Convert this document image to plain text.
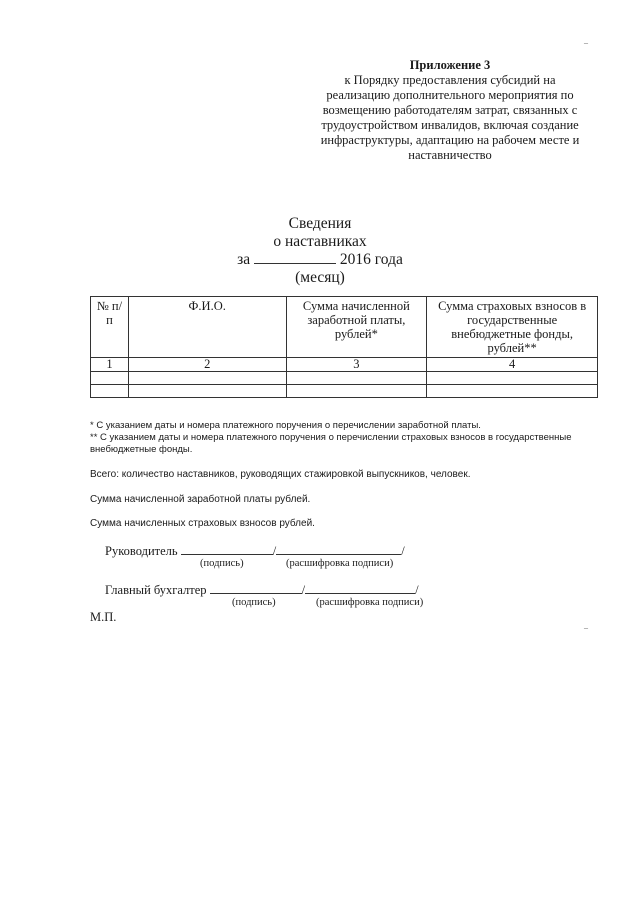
Приложение 3
к Порядку предоставления субсидий на
реализацию дополнительного мероприятия по
возмещению работодателям затрат, связанных с
трудоустройством инвалидов, включая создание
инфраструктуры, адаптацию на рабочем месте и
наставничество
Сведения
о наставниках
за	2016 года
(месяц)
№ п/п	Ф.И.О.	Сумма начисленной заработной платы, рублей*	Сумма страховых взносов в государственные внебюджетные фонды, рублей**
1	2	3	4

* С указанием даты и номера платежного поручения о перечислении заработной платы.
** С указанием даты и номера платежного поручения о перечислении страховых взносов в государственные внебюджетные фонды.
Всего: количество наставников, руководящих стажировкой выпускников, человек.
Сумма начисленной заработной платы рублей.
Сумма начисленных страховых взносов рублей.
Руководитель	/	/
(подпись)	(расшифровка подписи)
Главный бухгалтер	/	/
(подпись)	(расшифровка подписи)
М.П.
‒
‒
